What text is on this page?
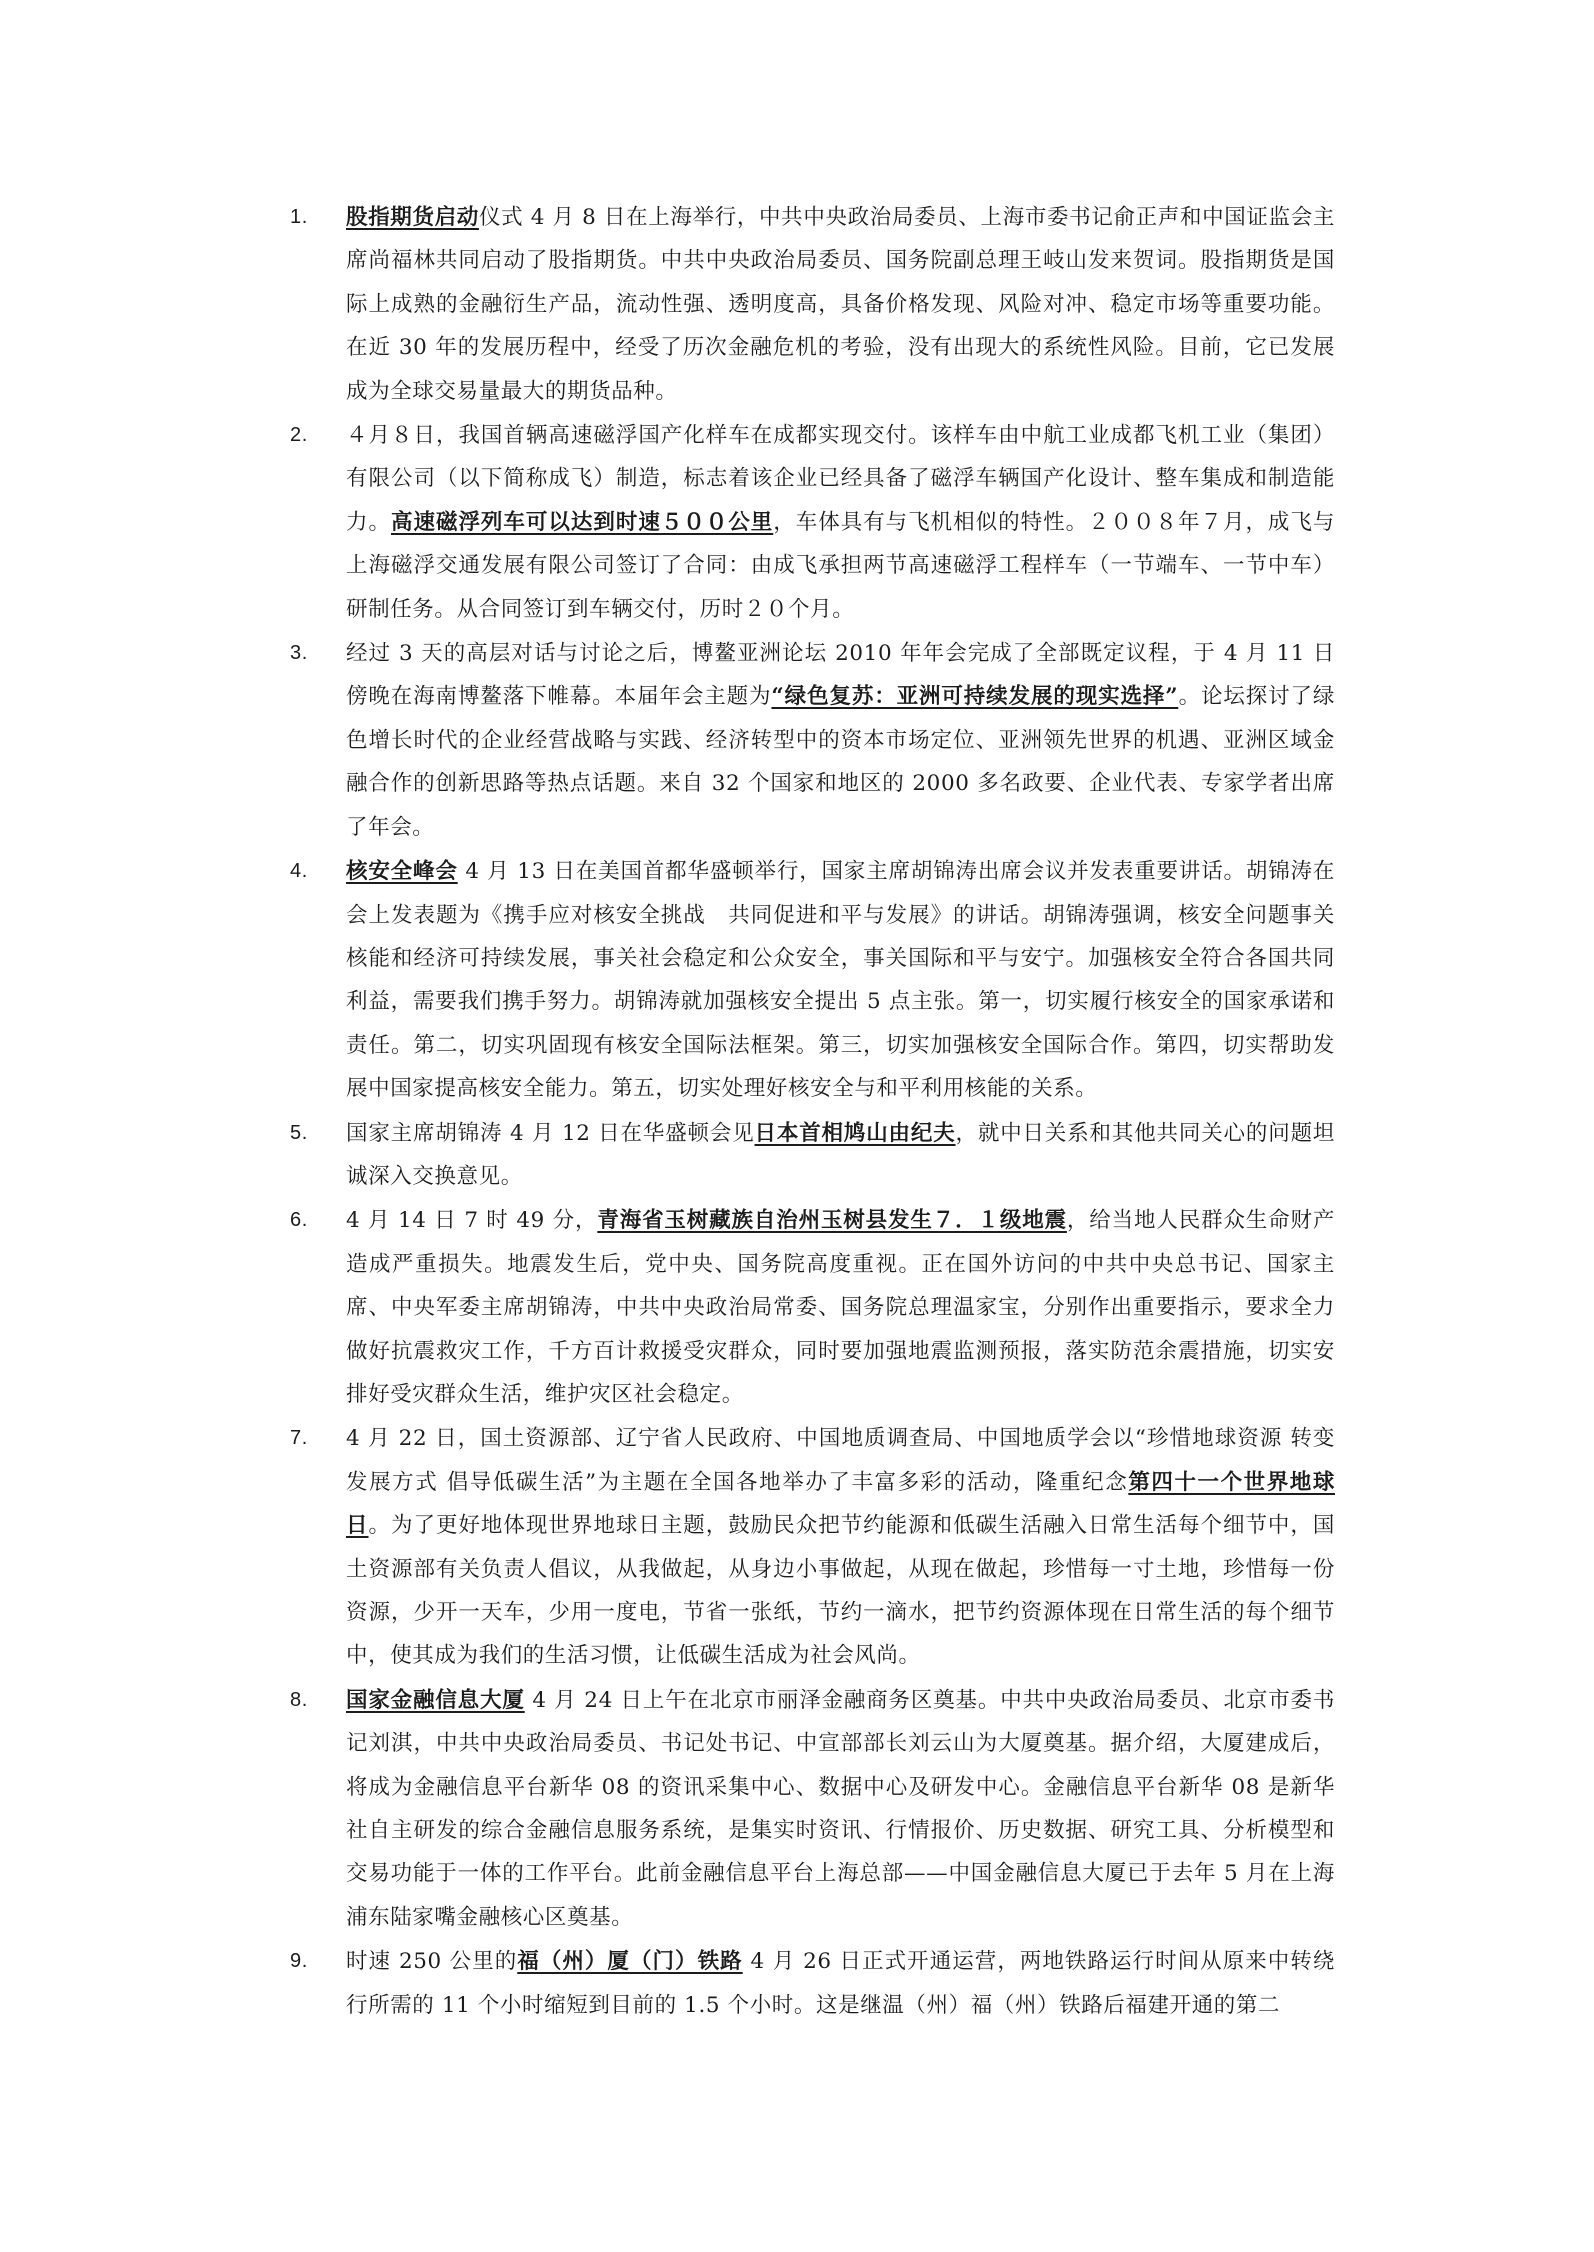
1. 股指期货启动仪式 4 月 8 日在上海举行，中共中央政治局委员、上海市委书记俞正声和中国证监会主席尚福林共同启动了股指期货。中共中央政治局委员、国务院副总理王岐山发来贺词。股指期货是国际上成熟的金融衍生产品，流动性强、透明度高，具备价格发现、风险对冲、稳定市场等重要功能。在近 30 年的发展历程中，经受了历次金融危机的考验，没有出现大的系统性风险。目前，它已发展成为全球交易量最大的期货品种。
2. ４月８日，我国首辆高速磁浮国产化样车在成都实现交付。该样车由中航工业成都飞机工业（集团）有限公司（以下简称成飞）制造，标志着该企业已经具备了磁浮车辆国产化设计、整车集成和制造能力。高速磁浮列车可以达到时速５００公里，车体具有与飞机相似的特性。２００８年７月，成飞与上海磁浮交通发展有限公司签订了合同：由成飞承担两节高速磁浮工程样车（一节端车、一节中车）研制任务。从合同签订到车辆交付，历时２０个月。
3. 经过 3 天的高层对话与讨论之后，博鳌亚洲论坛 2010 年年会完成了全部既定议程，于 4 月 11 日傍晚在海南博鳌落下帷幕。本届年会主题为“绿色复苏：亚洲可持续发展的现实选择”。论坛探讨了绿色增长时代的企业经营战略与实践、经济转型中的资本市场定位、亚洲领先世界的机遇、亚洲区域金融合作的创新思路等热点话题。来自 32 个国家和地区的 2000 多名政要、企业代表、专家学者出席了年会。
4. 核安全峰会 4 月 13 日在美国首都华盛顿举行，国家主席胡锦涛出席会议并发表重要讲话。胡锦涛在会上发表题为《携手应对核安全挑战　共同促进和平与发展》的讲话。胡锦涛强调，核安全问题事关核能和经济可持续发展，事关社会稳定和公众安全，事关国际和平与安宁。加强核安全符合各国共同利益，需要我们携手努力。胡锦涛就加强核安全提出 5 点主张。第一，切实履行核安全的国家承诺和责任。第二，切实巩固现有核安全国际法框架。第三，切实加强核安全国际合作。第四，切实帮助发展中国家提高核安全能力。第五，切实处理好核安全与和平利用核能的关系。
5. 国家主席胡锦涛 4 月 12 日在华盛顿会见日本首相鸠山由纪夫，就中日关系和其他共同关心的问题坦诚深入交换意见。
6. 4 月 14 日 7 时 49 分，青海省玉树藏族自治州玉树县发生７．１级地震，给当地人民群众生命财产造成严重损失。地震发生后，党中央、国务院高度重视。正在国外访问的中共中央总书记、国家主席、中央军委主席胡锦涛，中共中央政治局常委、国务院总理温家宝，分别作出重要指示，要求全力做好抗震救灾工作，千方百计救援受灾群众，同时要加强地震监测预报，落实防范余震措施，切实安排好受灾群众生活，维护灾区社会稳定。
7. 4 月 22 日，国土资源部、辽宁省人民政府、中国地质调查局、中国地质学会以“珍惜地球资源 转变发展方式 倡导低碳生活”为主题在全国各地举办了丰富多彩的活动，隆重纪念第四十一个世界地球日。为了更好地体现世界地球日主题，鼓励民众把节约能源和低碳生活融入日常生活每个细节中，国土资源部有关负责人倡议，从我做起，从身边小事做起，从现在做起，珍惜每一寸土地，珍惜每一份资源，少开一天车，少用一度电，节省一张纸，节约一滴水，把节约资源体现在日常生活的每个细节中，使其成为我们的生活习惯，让低碳生活成为社会风尚。
8. 国家金融信息大厦 4 月 24 日上午在北京市丽泽金融商务区奠基。中共中央政治局委员、北京市委书记刘淇，中共中央政治局委员、书记处书记、中宣部部长刘云山为大厦奠基。据介绍，大厦建成后，将成为金融信息平台新华 08 的资讯采集中心、数据中心及研发中心。金融信息平台新华 08 是新华社自主研发的综合金融信息服务系统，是集实时资讯、行情报价、历史数据、研究工具、分析模型和交易功能于一体的工作平台。此前金融信息平台上海总部——中国金融信息大厦已于去年 5 月在上海浦东陆家嘴金融核心区奠基。
9. 时速 250 公里的福（州）厦（门）铁路 4 月 26 日正式开通运营，两地铁路运行时间从原来中转绕行所需的 11 个小时缩短到目前的 1.5 个小时。这是继温（州）福（州）铁路后福建开通的第二
